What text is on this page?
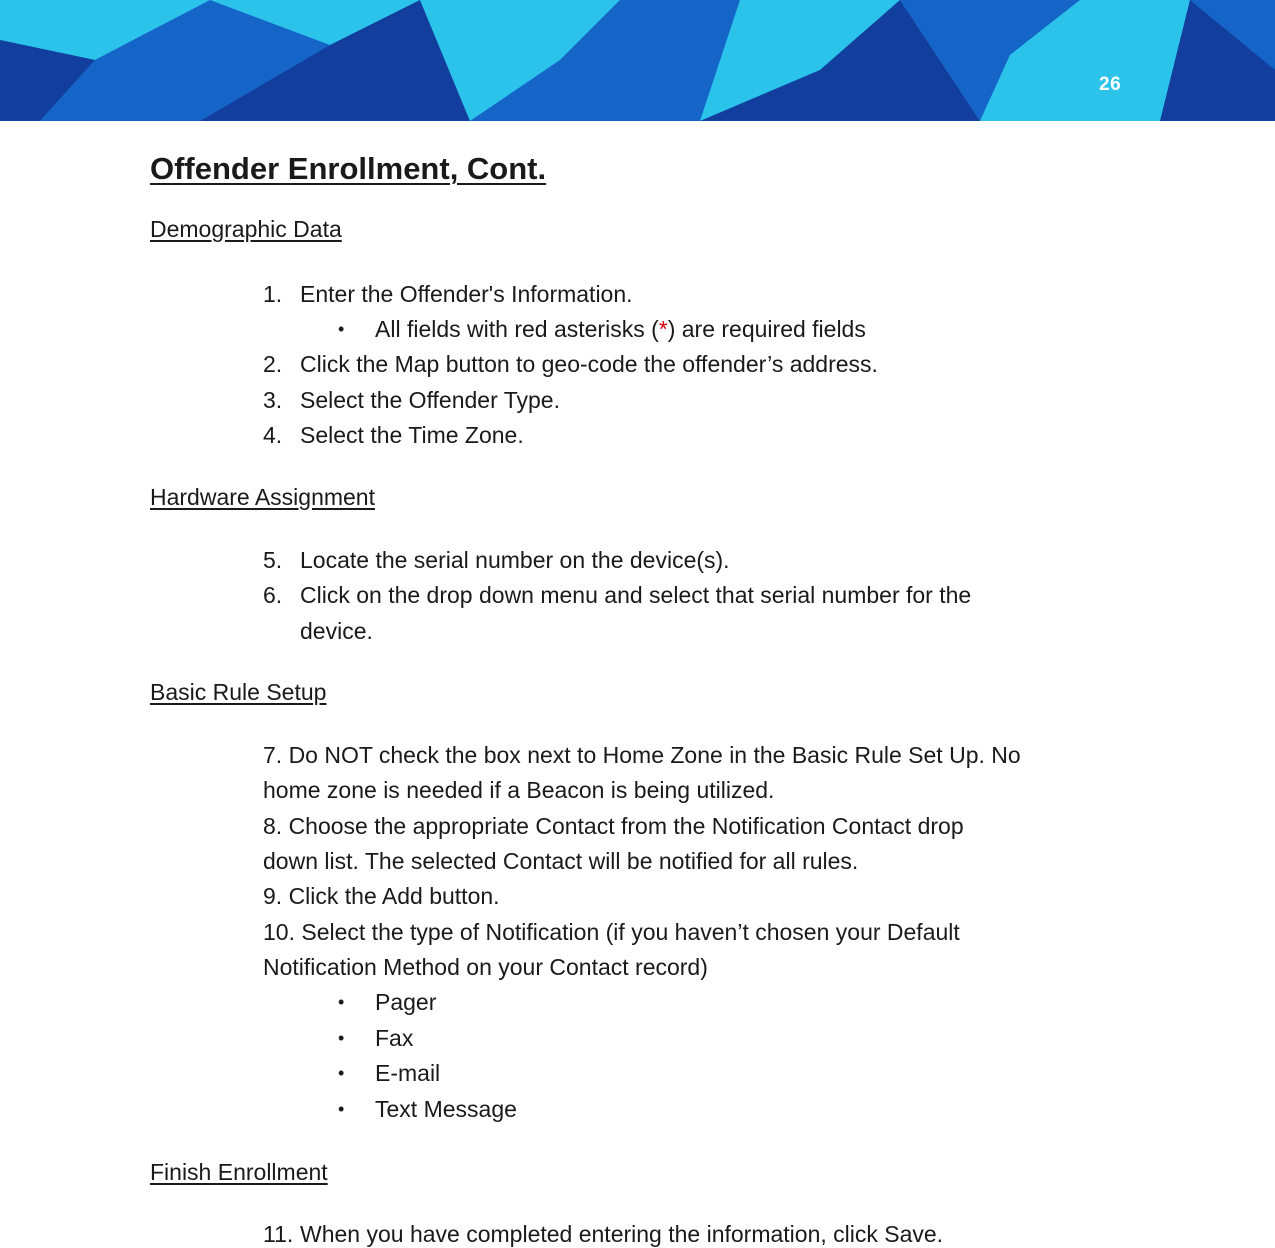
26
Offender Enrollment, Cont.
Demographic Data
1. Enter the Offender's Information.
• All fields with red asterisks (*) are required fields
2. Click the Map button to geo-code the offender’s address.
3. Select the Offender Type.
4. Select the Time Zone.
Hardware Assignment
5. Locate the serial number on the device(s).
6. Click on the drop down menu and select that serial number for the
device.
Basic Rule Setup
7. Do NOT check the box next to Home Zone in the Basic Rule Set Up. No
home zone is needed if a Beacon is being utilized.
8. Choose the appropriate Contact from the Notification Contact drop
down list. The selected Contact will be notified for all rules.
9. Click the Add button.
10. Select the type of Notification (if you haven’t chosen your Default
Notification Method on your Contact record)
• Pager
• Fax
• E-mail
• Text Message
Finish Enrollment
11. When you have completed entering the information, click Save.
